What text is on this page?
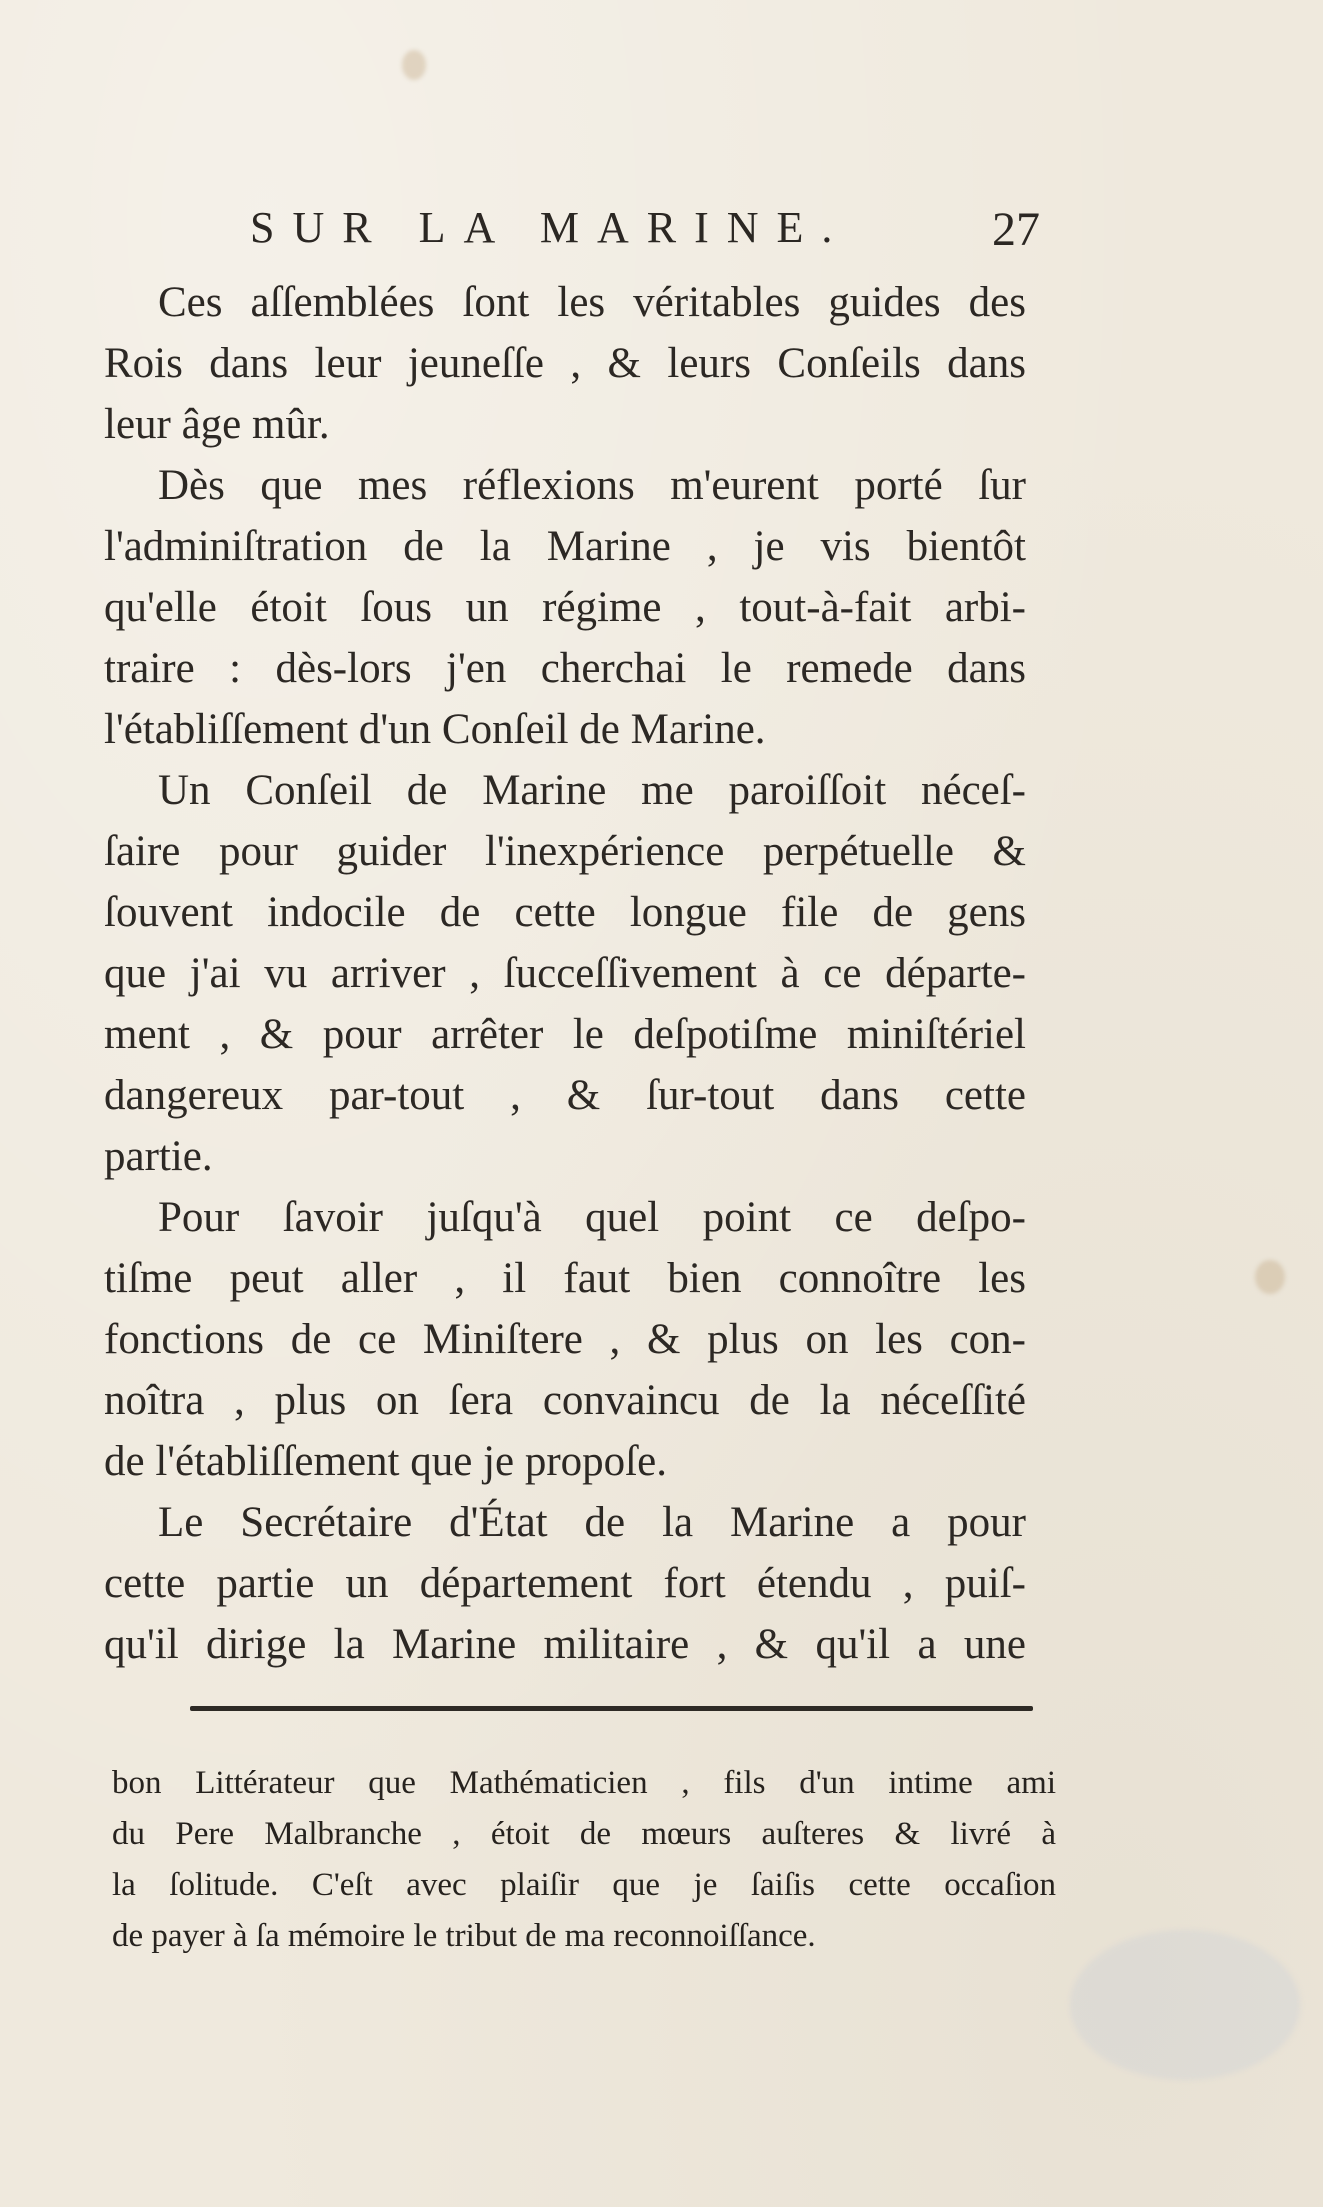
SUR LA MARINE.	27
Ces aſſemblées ſont les véritables guides des
Rois dans leur jeuneſſe , & leurs Conſeils dans
leur âge mûr.
Dès que mes réflexions m'eurent porté ſur
l'adminiſtration de la Marine , je vis bientôt
qu'elle étoit ſous un régime , tout-à-fait arbi-
traire : dès-lors j'en cherchai le remede dans
l'établiſſement d'un Conſeil de Marine.
Un Conſeil de Marine me paroiſſoit néceſ-
ſaire pour guider l'inexpérience perpétuelle &
ſouvent indocile de cette longue file de gens
que j'ai vu arriver , ſucceſſivement à ce départe-
ment , & pour arrêter le deſpotiſme miniſtériel
dangereux par-tout , & ſur-tout dans cette
partie.
Pour ſavoir juſqu'à quel point ce deſpo-
tiſme peut aller , il faut bien connoître les
fonctions de ce Miniſtere , & plus on les con-
noîtra , plus on ſera convaincu de la néceſſité
de l'établiſſement que je propoſe.
Le Secrétaire d'État de la Marine a pour
cette partie un département fort étendu , puiſ-
qu'il dirige la Marine militaire , & qu'il a une
bon Littérateur que Mathématicien , fils d'un intime ami
du Pere Malbranche , étoit de mœurs auſteres & livré à
la ſolitude. C'eſt avec plaiſir que je ſaiſis cette occaſion
de payer à ſa mémoire le tribut de ma reconnoiſſance.
